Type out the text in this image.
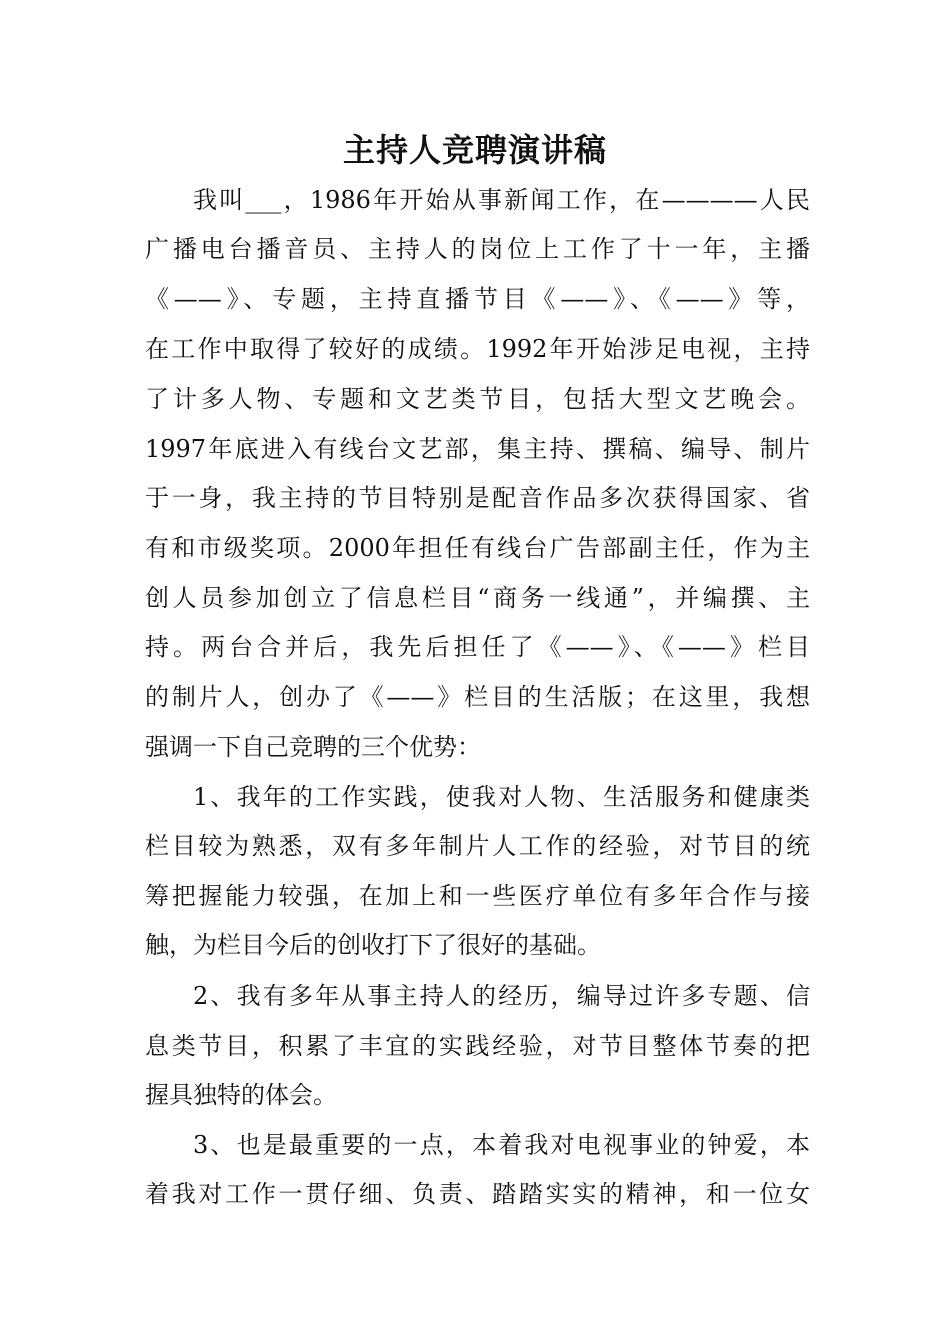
主持人竞聘演讲稿

我叫___，1986年开始从事新闻工作，在————人民

广播电台播音员、主持人的岗位上工作了十一年，主播

《——》、专题，主持直播节目《——》、《——》等，

在工作中取得了较好的成绩。1992年开始涉足电视，主持

了计多人物、专题和文艺类节目，包括大型文艺晚会。

1997年底进入有线台文艺部，集主持、撰稿、编导、制片

于一身，我主持的节目特别是配音作品多次获得国家、省

有和市级奖项。2000年担任有线台广告部副主任，作为主

创人员参加创立了信息栏目“商务一线通”，并编撰、主

持。两台合并后，我先后担任了《——》、《——》栏目

的制片人，创办了《——》栏目的生活版；在这里，我想

强调一下自己竞聘的三个优势：

1、我年的工作实践，使我对人物、生活服务和健康类

栏目较为熟悉，双有多年制片人工作的经验，对节目的统

筹把握能力较强，在加上和一些医疗单位有多年合作与接

触，为栏目今后的创收打下了很好的基础。

2、我有多年从事主持人的经历，编导过许多专题、信

息类节目，积累了丰宜的实践经验，对节目整体节奏的把

握具独特的体会。

3、也是最重要的一点，本着我对电视事业的钟爱，本

着我对工作一贯仔细、负责、踏踏实实的精神，和一位女
